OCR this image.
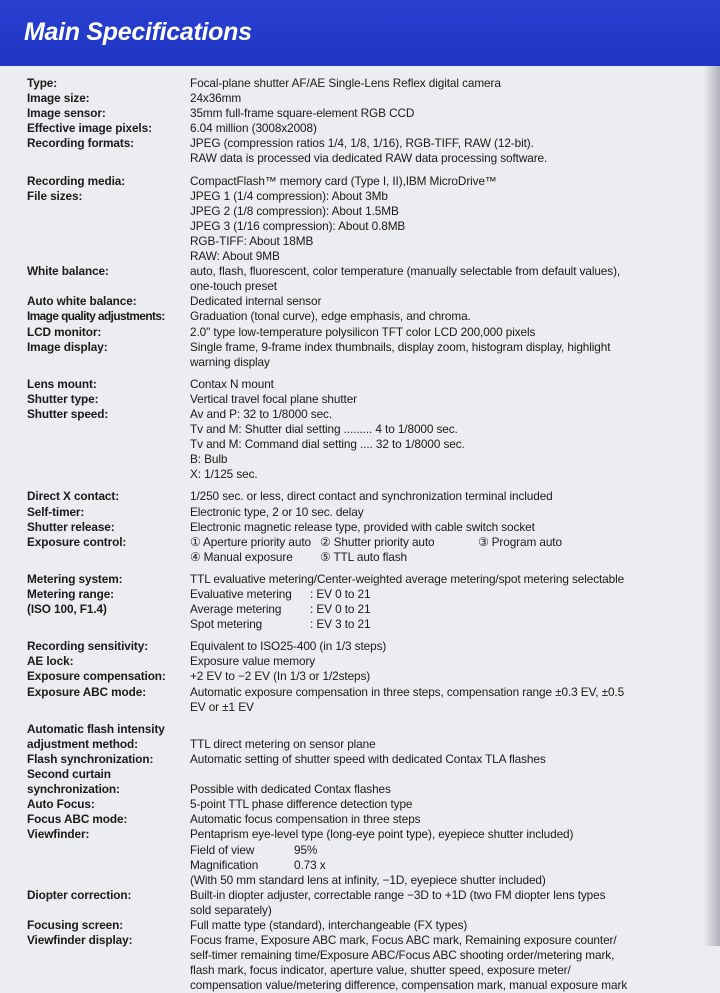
Main Specifications
Type:	Focal-plane shutter AF/AE Single-Lens Reflex digital camera
Image size:	24x36mm
Image sensor:	35mm full-frame square-element RGB CCD
Effective image pixels:	6.04 million (3008x2008)
Recording formats:	JPEG (compression ratios 1/4, 1/8, 1/16), RGB-TIFF, RAW (12-bit).
RAW data is processed via dedicated RAW data processing software.
Recording media:	CompactFlash™ memory card (Type I, II),IBM MicroDrive™
File sizes:	JPEG 1 (1/4 compression): About 3Mb
JPEG 2 (1/8 compression): About 1.5MB
JPEG 3 (1/16 compression): About 0.8MB
RGB-TIFF: About 18MB
RAW: About 9MB
White balance:	auto, flash, fluorescent, color temperature (manually selectable from default values),
one-touch preset
Auto white balance:	Dedicated internal sensor
Image quality adjustments:	Graduation (tonal curve), edge emphasis, and chroma.
LCD monitor:	2.0" type low-temperature polysilicon TFT color LCD 200,000 pixels
Image display:	Single frame, 9-frame index thumbnails, display zoom, histogram display, highlight
warning display
Lens mount:	Contax N mount
Shutter type:	Vertical travel focal plane shutter
Shutter speed:	Av and P: 32 to 1/8000 sec.
Tv and M: Shutter dial setting ......... 4 to 1/8000 sec.
Tv and M: Command dial setting .... 32 to 1/8000 sec.
B: Bulb
X: 1/125 sec.
Direct X contact:	1/250 sec. or less, direct contact and synchronization terminal included
Self-timer:	Electronic type, 2 or 10 sec. delay
Shutter release:	Electronic magnetic release type, provided with cable switch socket
Exposure control:	① Aperture priority auto ② Shutter priority auto	③ Program auto
④ Manual exposure	⑤ TTL auto flash
Metering system:	TTL evaluative metering/Center-weighted average metering/spot metering selectable
Metering range:
(ISO 100, F1.4)
Evaluative metering	: EV 0 to 21
Average metering	: EV 0 to 21
Spot metering	: EV 3 to 21
Recording sensitivity:	Equivalent to ISO25-400 (in 1/3 steps)
AE lock:	Exposure value memory
Exposure compensation:	+2 EV to −2 EV (In 1/3 or 1/2steps)
Exposure ABC mode:	Automatic exposure compensation in three steps, compensation range ±0.3 EV, ±0.5
EV or ±1 EV
Automatic flash intensity
adjustment method:
	TTL direct metering on sensor plane
Flash synchronization:	Automatic setting of shutter speed with dedicated Contax TLA flashes
Second curtain
synchronization:
	Possible with dedicated Contax flashes
Auto Focus:	5-point TTL phase difference detection type
Focus ABC mode:	Automatic focus compensation in three steps
Viewfinder:	Pentaprism eye-level type (long-eye point type), eyepiece shutter included)
Field of view	95%
Magnification	0.73 x
(With 50 mm standard lens at infinity, −1D, eyepiece shutter included)
Diopter correction:	Built-in diopter adjuster, correctable range −3D to +1D (two FM diopter lens types
sold separately)
Focusing screen:	Full matte type (standard), interchangeable (FX types)
Viewfinder display:	Focus frame, Exposure ABC mark, Focus ABC mark, Remaining exposure counter/
self-timer remaining time/Exposure ABC/Focus ABC shooting order/metering mark,
flash mark, focus indicator, aperture value, shutter speed, exposure meter/
compensation value/metering difference, compensation mark, manual exposure mark
